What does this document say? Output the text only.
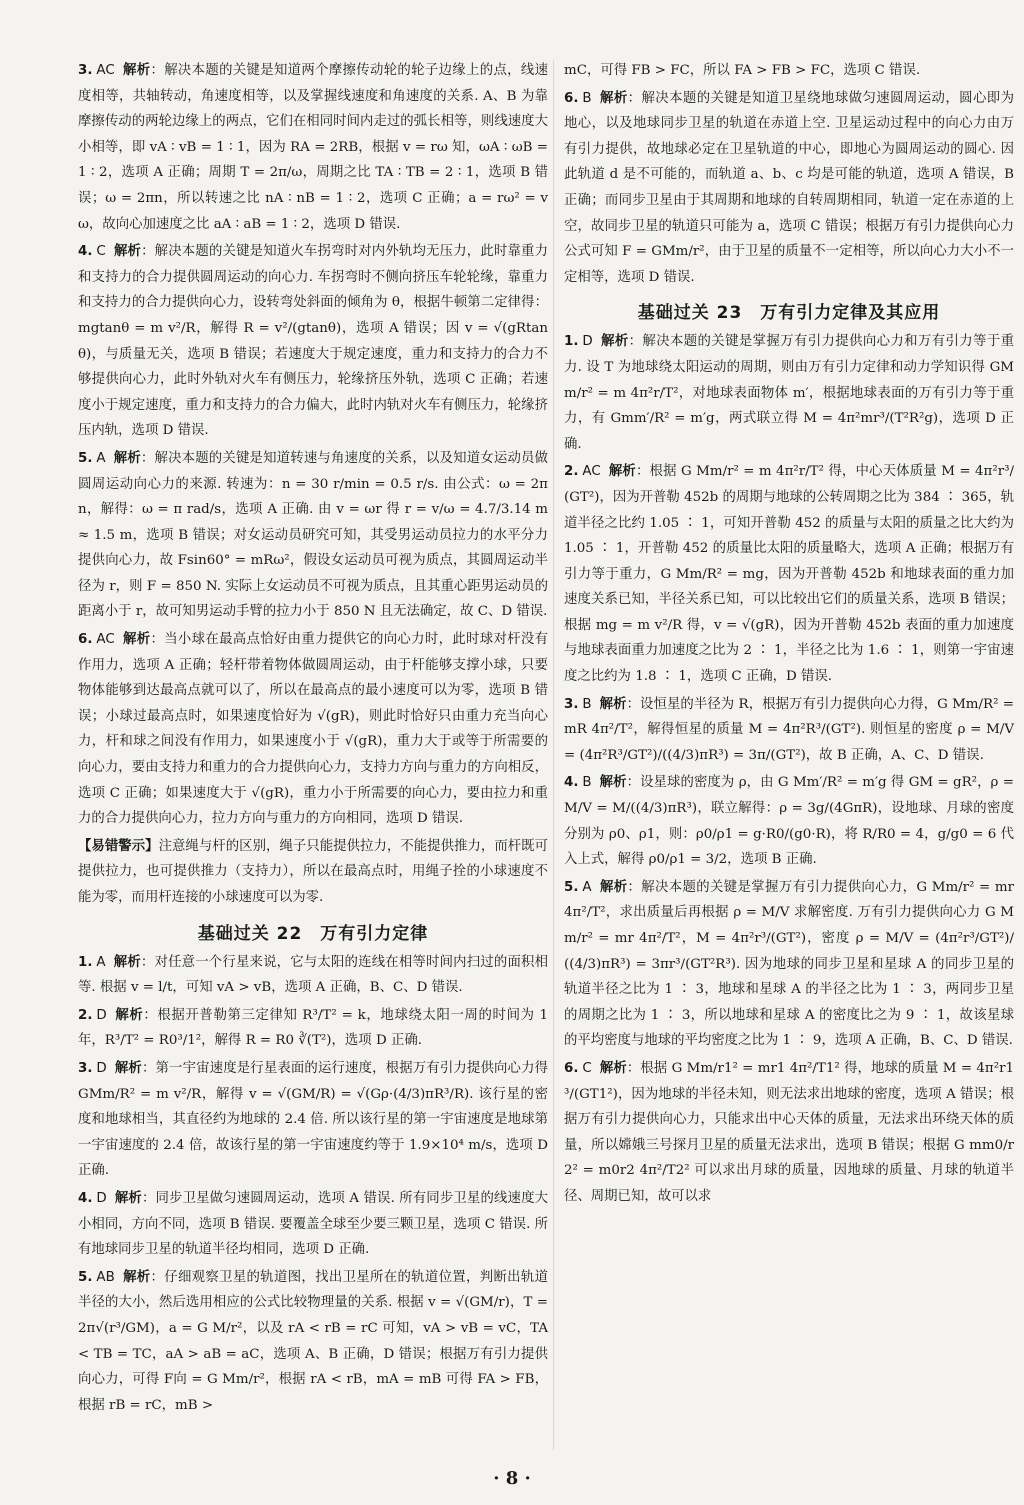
3. AC 解析：解决本题的关键是知道两个摩擦传动轮的轮子边缘上的点，线速度相等，共轴转动，角速度相等，以及掌握线速度和角速度的关系. A、B 为靠摩擦传动的两轮边缘上的两点，它们在相同时间内走过的弧长相等，则线速度大小相等，即 vA ∶ vB = 1 ∶ 1，因为 RA = 2RB，根据 v = rω 知，ωA ∶ ωB = 1 ∶ 2，选项 A 正确；周期 T = 2π/ω，周期之比 TA ∶ TB = 2 ∶ 1，选项 B 错误；ω = 2πn，所以转速之比 nA ∶ nB = 1 ∶ 2，选项 C 正确；a = rω² = vω，故向心加速度之比 aA ∶ aB = 1 ∶ 2，选项 D 错误.
4. C 解析：解决本题的关键是知道火车拐弯时对内外轨均无压力，此时靠重力和支持力的合力提供圆周运动的向心力. 车拐弯时不侧向挤压车轮轮缘，靠重力和支持力的合力提供向心力，设转弯处斜面的倾角为 θ，根据牛顿第二定律得：mgtanθ = m v²/R，解得 R = v²/(gtanθ)，选项 A 错误；因 v = √(gRtanθ)，与质量无关，选项 B 错误；若速度大于规定速度，重力和支持力的合力不够提供向心力，此时外轨对火车有侧压力，轮缘挤压外轨，选项 C 正确；若速度小于规定速度，重力和支持力的合力偏大，此时内轨对火车有侧压力，轮缘挤压内轨，选项 D 错误.
5. A 解析：解决本题的关键是知道转速与角速度的关系，以及知道女运动员做圆周运动向心力的来源. 转速为：n = 30 r/min = 0.5 r/s. 由公式：ω = 2πn，解得：ω = π rad/s，选项 A 正确. 由 v = ωr 得 r = v/ω = 4.7/3.14 m ≈ 1.5 m，选项 B 错误；对女运动员研究可知，其受男运动员拉力的水平分力提供向心力，故 Fsin60° = mRω²，假设女运动员可视为质点，其圆周运动半径为 r，则 F = 850 N. 实际上女运动员不可视为质点，且其重心距男运动员的距离小于 r，故可知男运动手臂的拉力小于 850 N 且无法确定，故 C、D 错误.
6. AC 解析：当小球在最高点恰好由重力提供它的向心力时，此时球对杆没有作用力，选项 A 正确；轻杆带着物体做圆周运动，由于杆能够支撑小球，只要物体能够到达最高点就可以了，所以在最高点的最小速度可以为零，选项 B 错误；小球过最高点时，如果速度恰好为 √(gR)，则此时恰好只由重力充当向心力，杆和球之间没有作用力，如果速度小于 √(gR)，重力大于或等于所需要的向心力，要由支持力和重力的合力提供向心力，支持力方向与重力的方向相反，选项 C 正确；如果速度大于 √(gR)，重力小于所需要的向心力，要由拉力和重力的合力提供向心力，拉力方向与重力的方向相同，选项 D 错误.
【易错警示】注意绳与杆的区别，绳子只能提供拉力，不能提供推力，而杆既可提供拉力，也可提供推力（支持力），所以在最高点时，用绳子拴的小球速度不能为零，而用杆连接的小球速度可以为零.
基础过关 22　万有引力定律
1. A 解析：对任意一个行星来说，它与太阳的连线在相等时间内扫过的面积相等. 根据 v = l/t，可知 vA > vB，选项 A 正确，B、C、D 错误.
2. D 解析：根据开普勒第三定律知 R³/T² = k，地球绕太阳一周的时间为 1 年，R³/T² = R0³/1²，解得 R = R0 ∛(T²)，选项 D 正确.
3. D 解析：第一宇宙速度是行星表面的运行速度，根据万有引力提供向心力得 GMm/R² = m v²/R，解得 v = √(GM/R) = √(Gρ·(4/3)πR³/R). 该行星的密度和地球相当，其直径约为地球的 2.4 倍. 所以该行星的第一宇宙速度是地球第一宇宙速度的 2.4 倍，故该行星的第一宇宙速度约等于 1.9×10⁴ m/s，选项 D 正确.
4. D 解析：同步卫星做匀速圆周运动，选项 A 错误. 所有同步卫星的线速度大小相同，方向不同，选项 B 错误. 要覆盖全球至少要三颗卫星，选项 C 错误. 所有地球同步卫星的轨道半径均相同，选项 D 正确.
5. AB 解析：仔细观察卫星的轨道图，找出卫星所在的轨道位置，判断出轨道半径的大小，然后选用相应的公式比较物理量的关系. 根据 v = √(GM/r)，T = 2π√(r³/GM)，a = G M/r²，以及 rA < rB = rC 可知，vA > vB = vC，TA < TB = TC，aA > aB = aC，选项 A、B 正确，D 错误；根据万有引力提供向心力，可得 F向 = G Mm/r²，根据 rA < rB，mA = mB 可得 FA > FB，根据 rB = rC，mB >
mC，可得 FB > FC，所以 FA > FB > FC，选项 C 错误.
6. B 解析：解决本题的关键是知道卫星绕地球做匀速圆周运动，圆心即为地心，以及地球同步卫星的轨道在赤道上空. 卫星运动过程中的向心力由万有引力提供，故地球必定在卫星轨道的中心，即地心为圆周运动的圆心. 因此轨道 d 是不可能的，而轨道 a、b、c 均是可能的轨道，选项 A 错误，B 正确；而同步卫星由于其周期和地球的自转周期相同，轨道一定在赤道的上空，故同步卫星的轨道只可能为 a，选项 C 错误；根据万有引力提供向心力公式可知 F = GMm/r²，由于卫星的质量不一定相等，所以向心力大小不一定相等，选项 D 错误.
基础过关 23　万有引力定律及其应用
1. D 解析：解决本题的关键是掌握万有引力提供向心力和万有引力等于重力. 设 T 为地球绕太阳运动的周期，则由万有引力定律和动力学知识得 GMm/r² = m 4π²r/T²，对地球表面物体 m′，根据地球表面的万有引力等于重力，有 Gmm′/R² = m′g，两式联立得 M = 4π²mr³/(T²R²g)，选项 D 正确.
2. AC 解析：根据 G Mm/r² = m 4π²r/T² 得，中心天体质量 M = 4π²r³/(GT²)，因为开普勒 452b 的周期与地球的公转周期之比为 384 ∶ 365，轨道半径之比约 1.05 ∶ 1，可知开普勒 452 的质量与太阳的质量之比大约为 1.05 ∶ 1，开普勒 452 的质量比太阳的质量略大，选项 A 正确；根据万有引力等于重力，G Mm/R² = mg，因为开普勒 452b 和地球表面的重力加速度关系已知，半径关系已知，可以比较出它们的质量关系，选项 B 错误；根据 mg = m v²/R 得，v = √(gR)，因为开普勒 452b 表面的重力加速度与地球表面重力加速度之比为 2 ∶ 1，半径之比为 1.6 ∶ 1，则第一宇宙速度之比约为 1.8 ∶ 1，选项 C 正确，D 错误.
3. B 解析：设恒星的半径为 R，根据万有引力提供向心力得，G Mm/R² = mR 4π²/T²，解得恒星的质量 M = 4π²R³/(GT²). 则恒星的密度 ρ = M/V = (4π²R³/GT²)/((4/3)πR³) = 3π/(GT²)，故 B 正确，A、C、D 错误.
4. B 解析：设星球的密度为 ρ，由 G Mm′/R² = m′g 得 GM = gR²，ρ = M/V = M/((4/3)πR³)，联立解得：ρ = 3g/(4GπR)，设地球、月球的密度分别为 ρ0、ρ1，则：ρ0/ρ1 = g·R0/(g0·R)，将 R/R0 = 4，g/g0 = 6 代入上式，解得 ρ0/ρ1 = 3/2，选项 B 正确.
5. A 解析：解决本题的关键是掌握万有引力提供向心力，G Mm/r² = mr 4π²/T²，求出质量后再根据 ρ = M/V 求解密度. 万有引力提供向心力 G Mm/r² = mr 4π²/T²，M = 4π²r³/(GT²)，密度 ρ = M/V = (4π²r³/GT²)/((4/3)πR³) = 3πr³/(GT²R³). 因为地球的同步卫星和星球 A 的同步卫星的轨道半径之比为 1 ∶ 3，地球和星球 A 的半径之比为 1 ∶ 3，两同步卫星的周期之比为 1 ∶ 3，所以地球和星球 A 的密度比之为 9 ∶ 1，故该星球的平均密度与地球的平均密度之比为 1 ∶ 9，选项 A 正确，B、C、D 错误.
6. C 解析：根据 G Mm/r1² = mr1 4π²/T1² 得，地球的质量 M = 4π²r1³/(GT1²)，因为地球的半径未知，则无法求出地球的密度，选项 A 错误；根据万有引力提供向心力，只能求出中心天体的质量，无法求出环绕天体的质量，所以嫦娥三号探月卫星的质量无法求出，选项 B 错误；根据 G mm0/r2² = m0r2 4π²/T2² 可以求出月球的质量，因地球的质量、月球的轨道半径、周期已知，故可以求
· 8 ·
